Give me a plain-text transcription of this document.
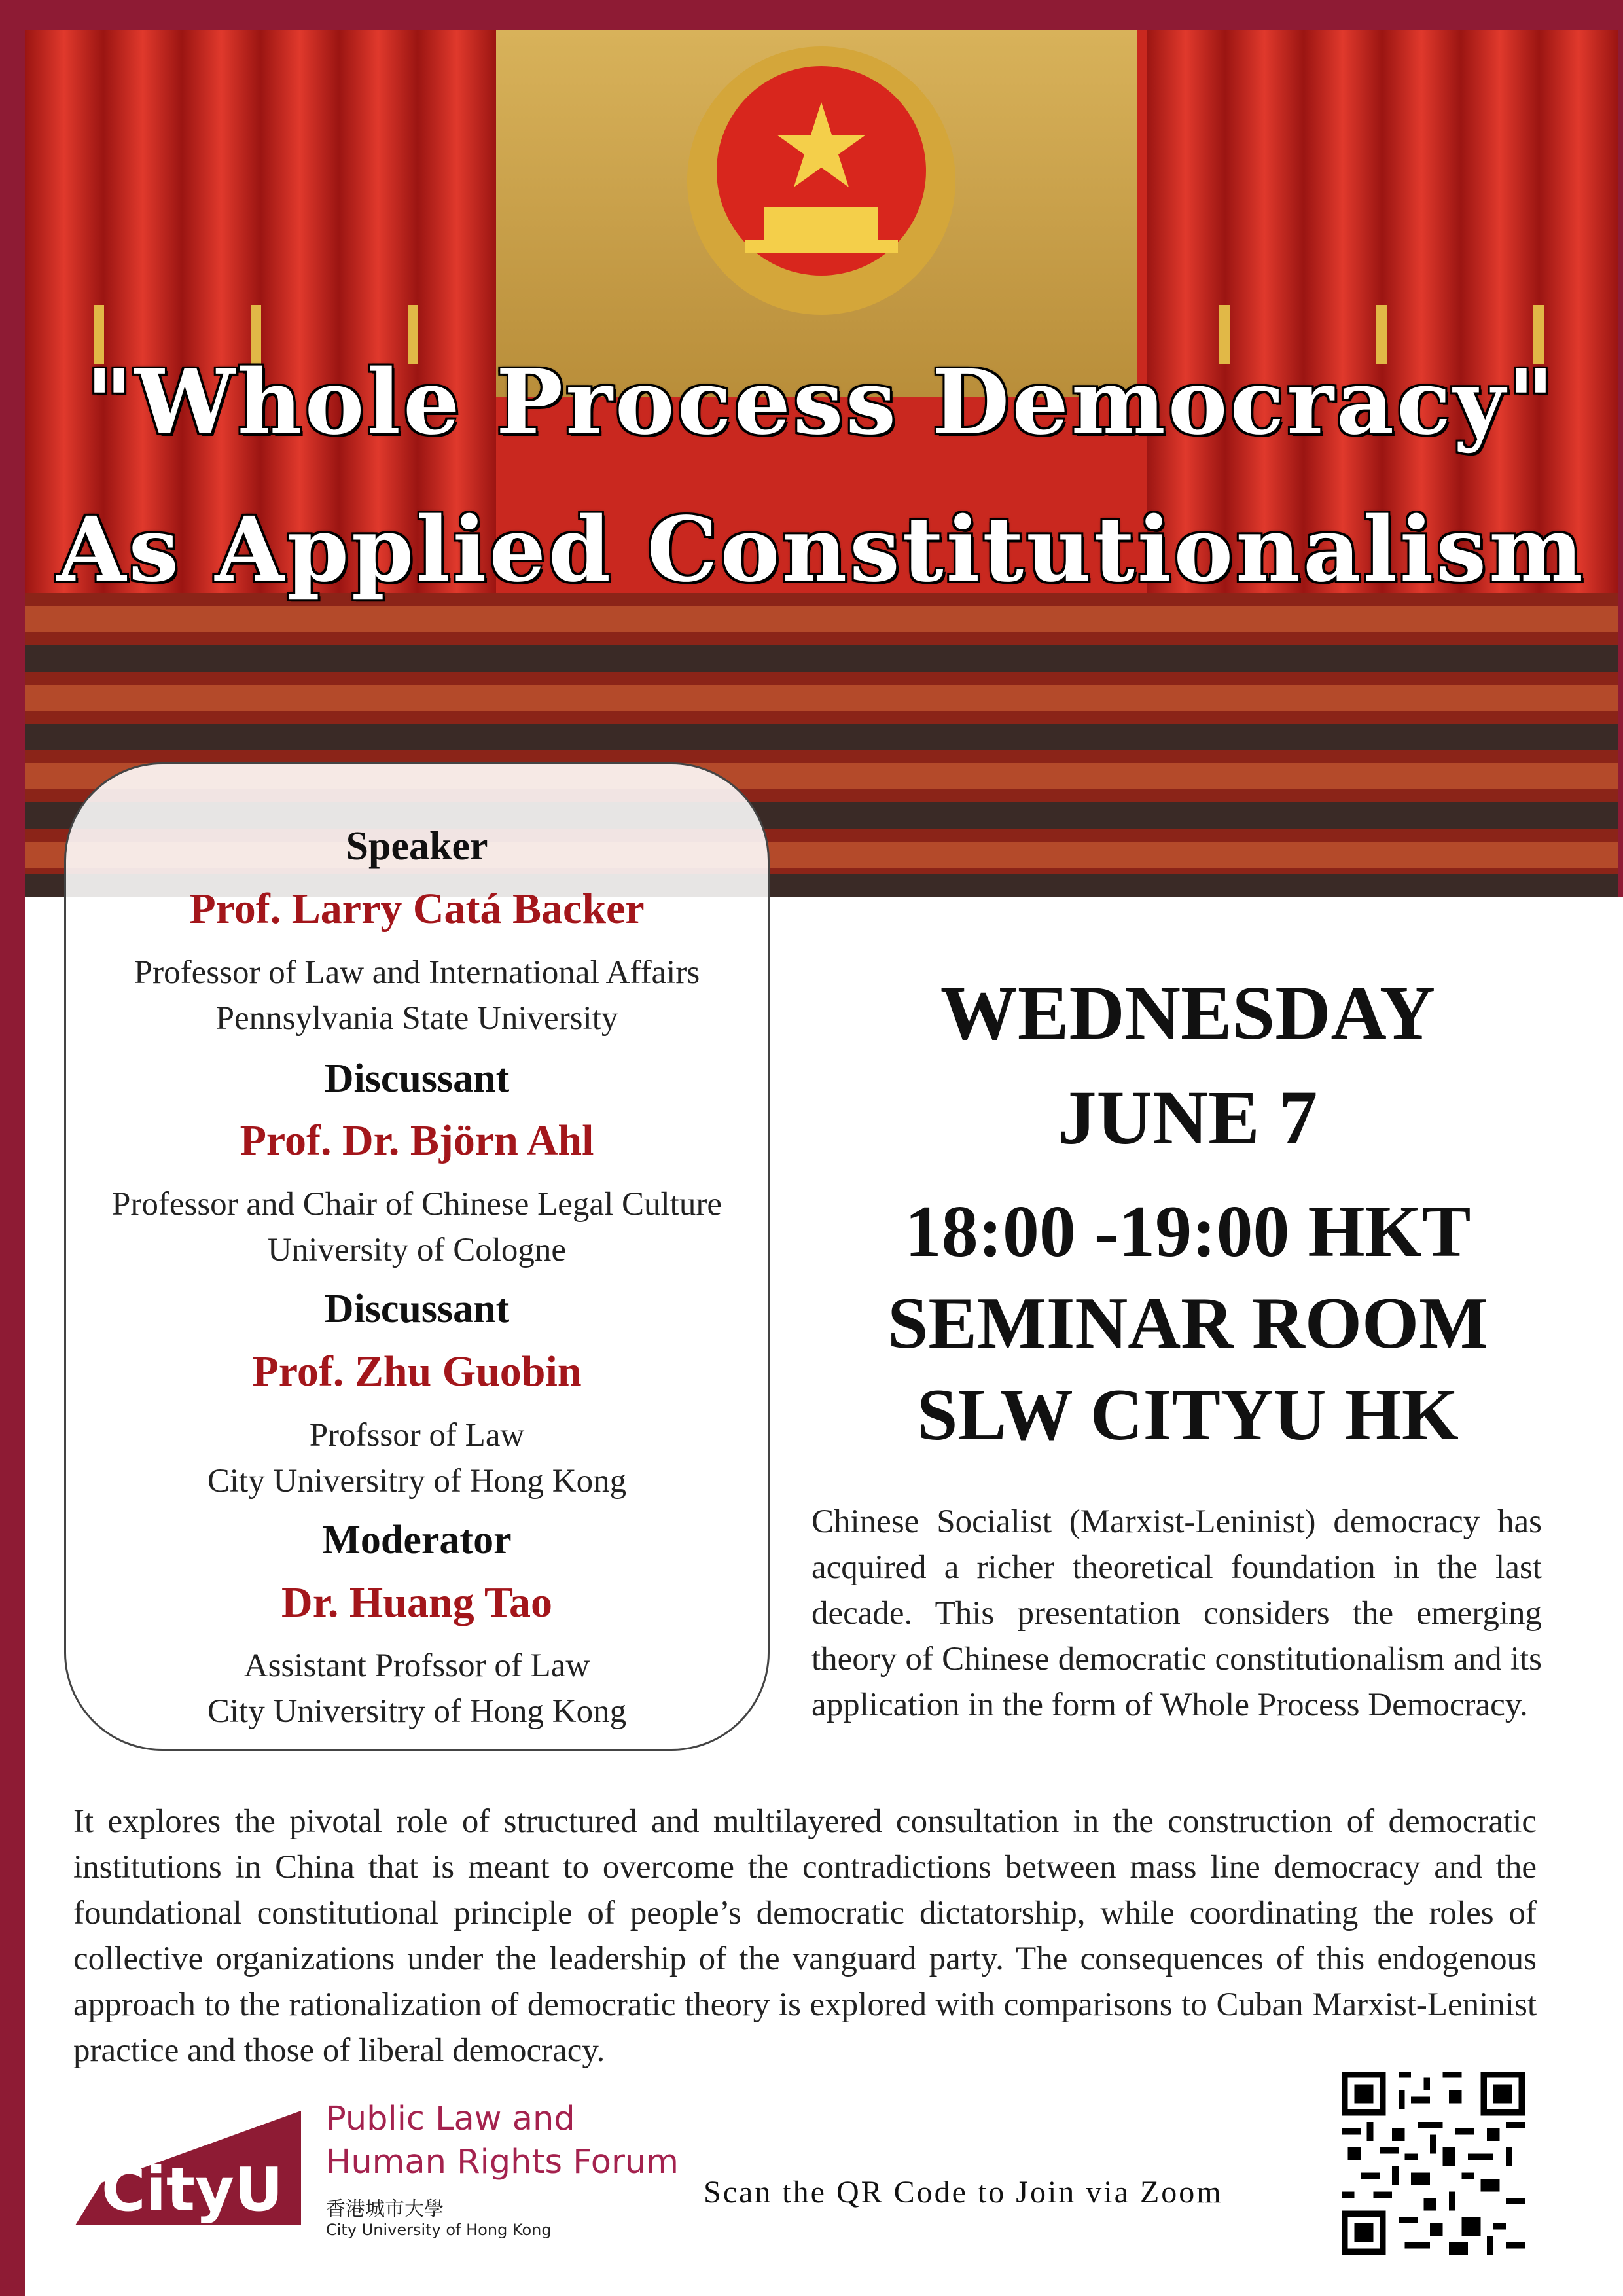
"Whole Process Democracy"
As Applied Constitutionalism
Speaker
Prof. Larry Catá Backer
Professor of Law and International Affairs
Pennsylvania State University
Discussant
Prof. Dr. Björn Ahl
Professor and Chair of Chinese Legal Culture
University of Cologne
Discussant
Prof. Zhu Guobin
Profssor of Law
City Universitry of Hong Kong
Moderator
Dr. Huang Tao
Assistant Profssor of Law
City Universitry of Hong Kong
WEDNESDAY
JUNE 7
18:00 -19:00 HKT
SEMINAR ROOM
SLW CITYU HK
Chinese Socialist (Marxist-Leninist) democracy has acquired a richer theoretical foundation in the last decade. This presentation considers the emerging theory of Chinese democratic constitutionalism and its application in the form of Whole Process Democracy.
It explores the pivotal role of structured and multilayered consultation in the construction of democratic institutions in China that is meant to overcome the contradictions between mass line democracy and the foundational constitutional principle of people’s democratic dictatorship, while coordinating the roles of collective organizations under the leadership of the vanguard party. The consequences of this endogenous approach to the rationalization of democratic theory is explored with comparisons to Cuban Marxist-Leninist practice and those of liberal democracy.
CityU
Public Law and
Human Rights Forum
香港城市大學
City University of Hong Kong
Scan the QR Code to Join via Zoom
